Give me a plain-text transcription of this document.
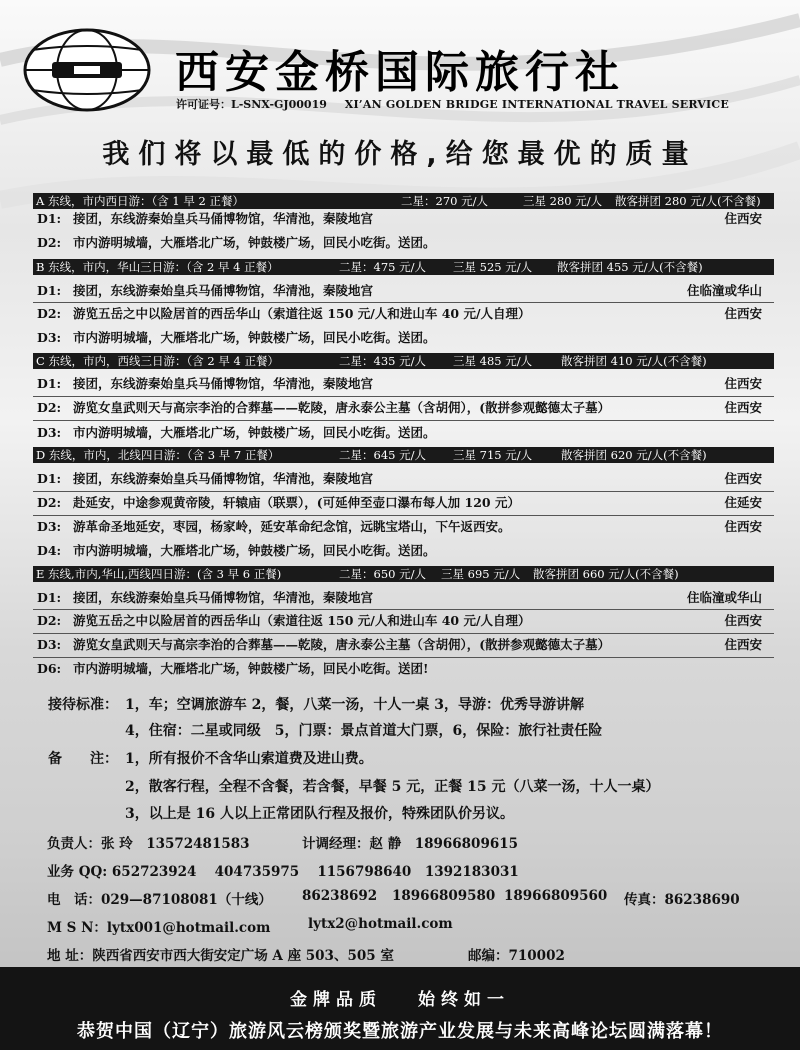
西安金桥国际旅行社
许可证号：L-SNX-GJ00019 XI’AN GOLDEN BRIDGE INTERNATIONAL TRAVEL SERVICE
我们将以最低的价格,给您最优的质量
A 东线，市内西日游：（含 1 早 2 正餐）	二星：270 元/人	三星 280 元/人 散客拼团 280 元/人(不含餐)
D1: 接团，东线游秦始皇兵马俑博物馆，华清池，秦陵地宫	住西安
D2: 市内游明城墙，大雁塔北广场，钟鼓楼广场，回民小吃街。送团。
B 东线，市内，华山三日游：（含 2 早 4 正餐）	二星：475 元/人 三星 525 元/人 散客拼团 455 元/人(不含餐)
D1: 接团，东线游秦始皇兵马俑博物馆，华清池，秦陵地宫	住临潼或华山
D2: 游览五岳之中以险居首的西岳华山（索道往返 150 元/人和进山车 40 元/人自理）	住西安
D3: 市内游明城墙，大雁塔北广场，钟鼓楼广场，回民小吃街。送团。
C 东线，市内，西线三日游：（含 2 早 4 正餐）	二星：435 元/人 三星 485 元/人	散客拼团 410 元/人(不含餐)
D1: 接团，东线游秦始皇兵马俑博物馆，华清池，秦陵地宫	住西安
D2: 游览女皇武则天与高宗李治的合葬墓——乾陵，唐永泰公主墓（含胡佣），(散拼参观懿德太子墓）	住西安
D3: 市内游明城墙，大雁塔北广场，钟鼓楼广场，回民小吃街。送团。
D 东线，市内，北线四日游：（含 3 早 7 正餐）	二星：645 元/人 三星 715 元/人	散客拼团 620 元/人(不含餐)
D1: 接团，东线游秦始皇兵马俑博物馆，华清池，秦陵地宫	住西安
D2: 赴延安，中途参观黄帝陵，轩辕庙（联票），(可延伸至壶口瀑布每人加 120 元）	住延安
D3: 游革命圣地延安，枣园，杨家岭，延安革命纪念馆，远眺宝塔山，下午返西安。	住西安
D4: 市内游明城墙，大雁塔北广场，钟鼓楼广场，回民小吃街。送团。
E 东线,市内,华山,西线四日游：(含 3 早 6 正餐)	二星：650 元/人 三星 695 元/人 散客拼团 660 元/人(不含餐)
D1: 接团，东线游秦始皇兵马俑博物馆，华清池，秦陵地宫	住临潼或华山
D2: 游览五岳之中以险居首的西岳华山（索道往返 150 元/人和进山车 40 元/人自理）	住西安
D3: 游览女皇武则天与高宗李治的合葬墓——乾陵，唐永泰公主墓（含胡佣），(散拼参观懿德太子墓）	住西安
D6: 市内游明城墙，大雁塔北广场，钟鼓楼广场，回民小吃街。送团!
接待标准： 1，车；空调旅游车 2，餐，八菜一汤，十人一桌 3，导游：优秀导游讲解
4，住宿：二星或同级　5，门票：景点首道大门票，6，保险：旅行社责任险
备　　注： 1，所有报价不含华山索道费及进山费。
2，散客行程，全程不含餐，若含餐，早餐 5 元，正餐 15 元（八菜一汤，十人一桌）
3，以上是 16 人以上正常团队行程及报价，特殊团队价另议。
负责人：张 玲　13572481583	计调经理：赵 静　18966809615
业务 QQ: 652723924　 404735975　 1156798640　1392183031
电　话：029—87108081（十线） 86238692 18966809580 18966809560 传真：86238690
M S N：lytx001@hotmail.com	lytx2@hotmail.com
地 址：陕西省西安市西大街安定广场 A 座 503、505 室	邮编：710002
金牌品质 始终如一
恭贺中国（辽宁）旅游风云榜颁奖暨旅游产业发展与未来高峰论坛圆满落幕！
